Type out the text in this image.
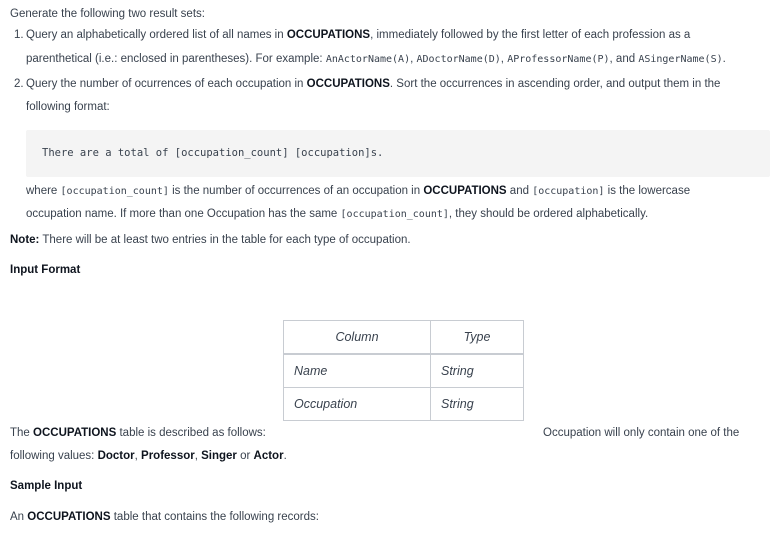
Generate the following two result sets:
1. Query an alphabetically ordered list of all names in OCCUPATIONS, immediately followed by the first letter of each profession as a
parenthetical (i.e.: enclosed in parentheses). For example: AnActorName(A), ADoctorName(D), AProfessorName(P), and ASingerName(S).
2. Query the number of ocurrences of each occupation in OCCUPATIONS. Sort the occurrences in ascending order, and output them in the
following format:
There are a total of [occupation_count] [occupation]s.
where [occupation_count] is the number of occurrences of an occupation in OCCUPATIONS and [occupation] is the lowercase
occupation name. If more than one Occupation has the same [occupation_count], they should be ordered alphabetically.
Note: There will be at least two entries in the table for each type of occupation.
Input Format
Column	Type
Name	String
Occupation	String
The OCCUPATIONS table is described as follows:	Occupation will only contain one of the
following values: Doctor, Professor, Singer or Actor.
Sample Input
An OCCUPATIONS table that contains the following records:
